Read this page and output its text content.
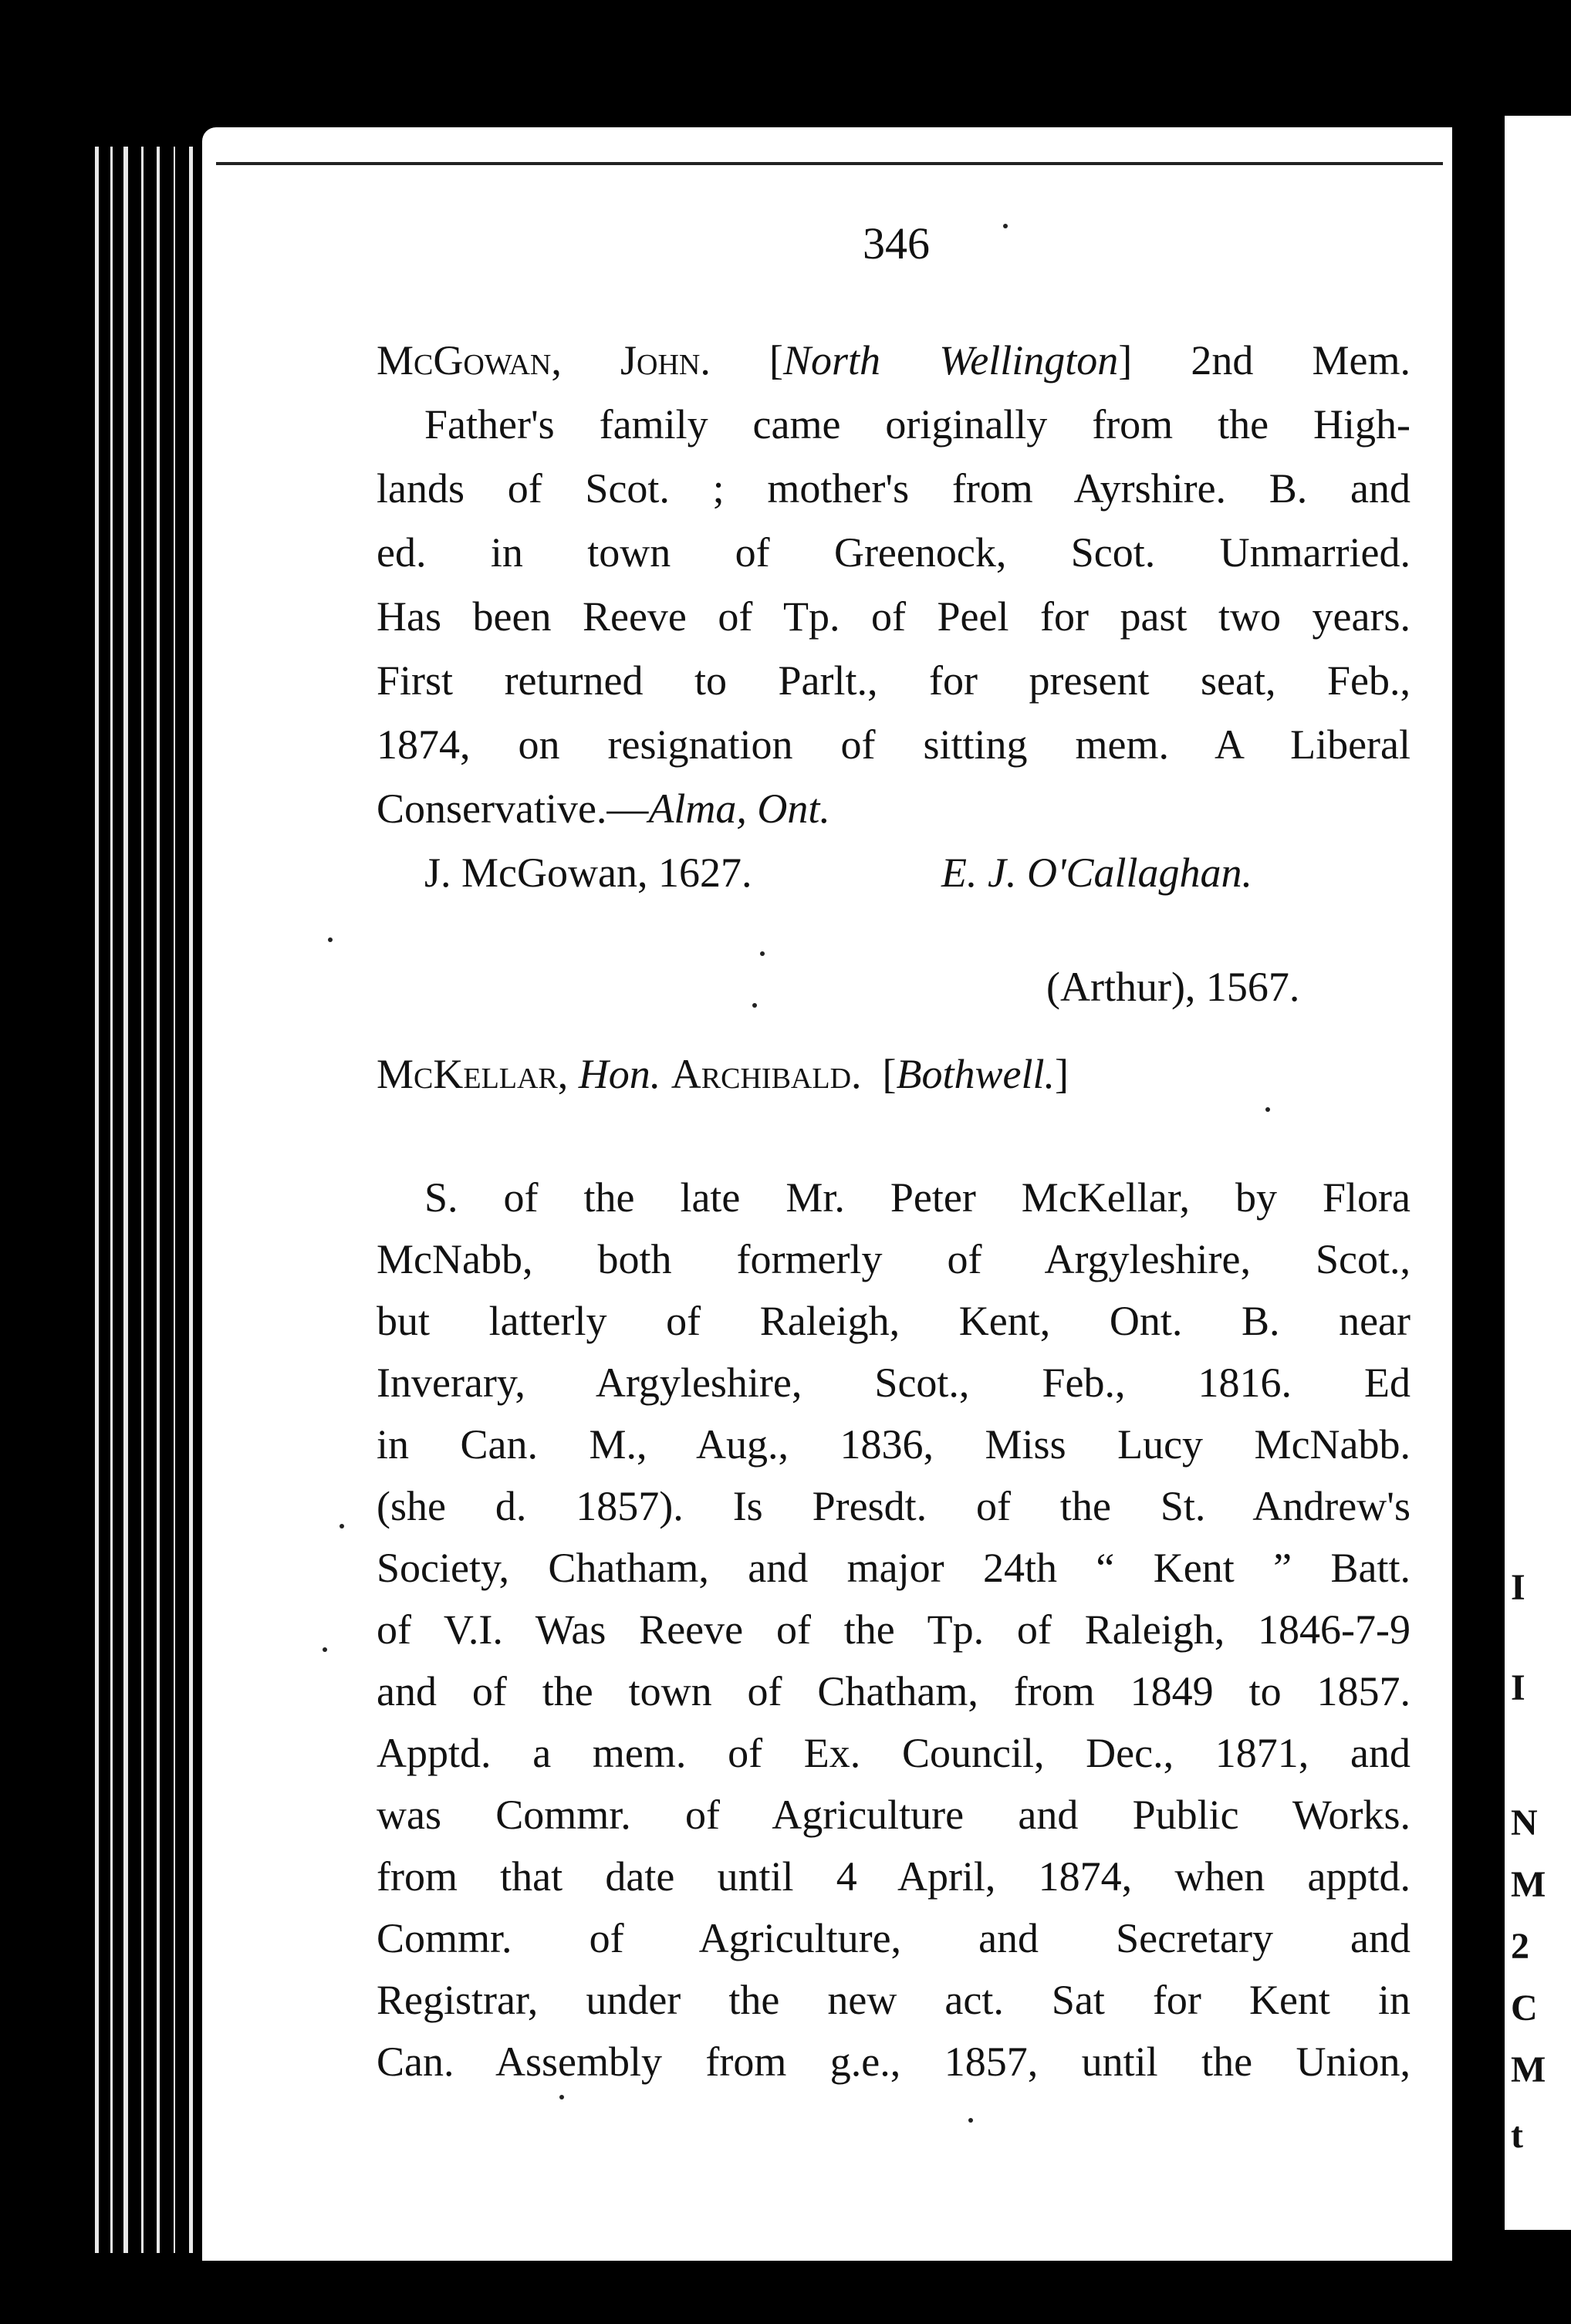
I
I
N
M
2
C
M
t
346
McGowan, John. [North Wellington] 2nd Mem.
Father's family came originally from the High-
lands of Scot. ; mother's from Ayrshire. B. and
ed. in town of Greenock, Scot. Unmarried.
Has been Reeve of Tp. of Peel for past two years.
First returned to Parlt., for present seat, Feb.,
1874, on resignation of sitting mem. A Liberal
Conservative.—Alma, Ont.
J. McGowan, 1627.	E. J. O'Callaghan.
(Arthur), 1567.
McKellar, Hon. Archibald.  [Bothwell.]
S. of the late Mr. Peter McKellar, by Flora
McNabb, both formerly of Argyleshire, Scot.,
but latterly of Raleigh, Kent, Ont. B. near
Inverary, Argyleshire, Scot., Feb., 1816. Ed
in Can. M., Aug., 1836, Miss Lucy McNabb.
(she d. 1857). Is Presdt. of the St. Andrew's
Society, Chatham, and major 24th “ Kent ” Batt.
of V.I. Was Reeve of the Tp. of Raleigh, 1846-7-9
and of the town of Chatham, from 1849 to 1857.
Apptd. a mem. of Ex. Council, Dec., 1871, and
was Commr. of Agriculture and Public Works.
from that date until 4 April, 1874, when apptd.
Commr. of Agriculture, and Secretary and
Registrar, under the new act. Sat for Kent in
Can. Assembly from g.e., 1857, until the Union,
